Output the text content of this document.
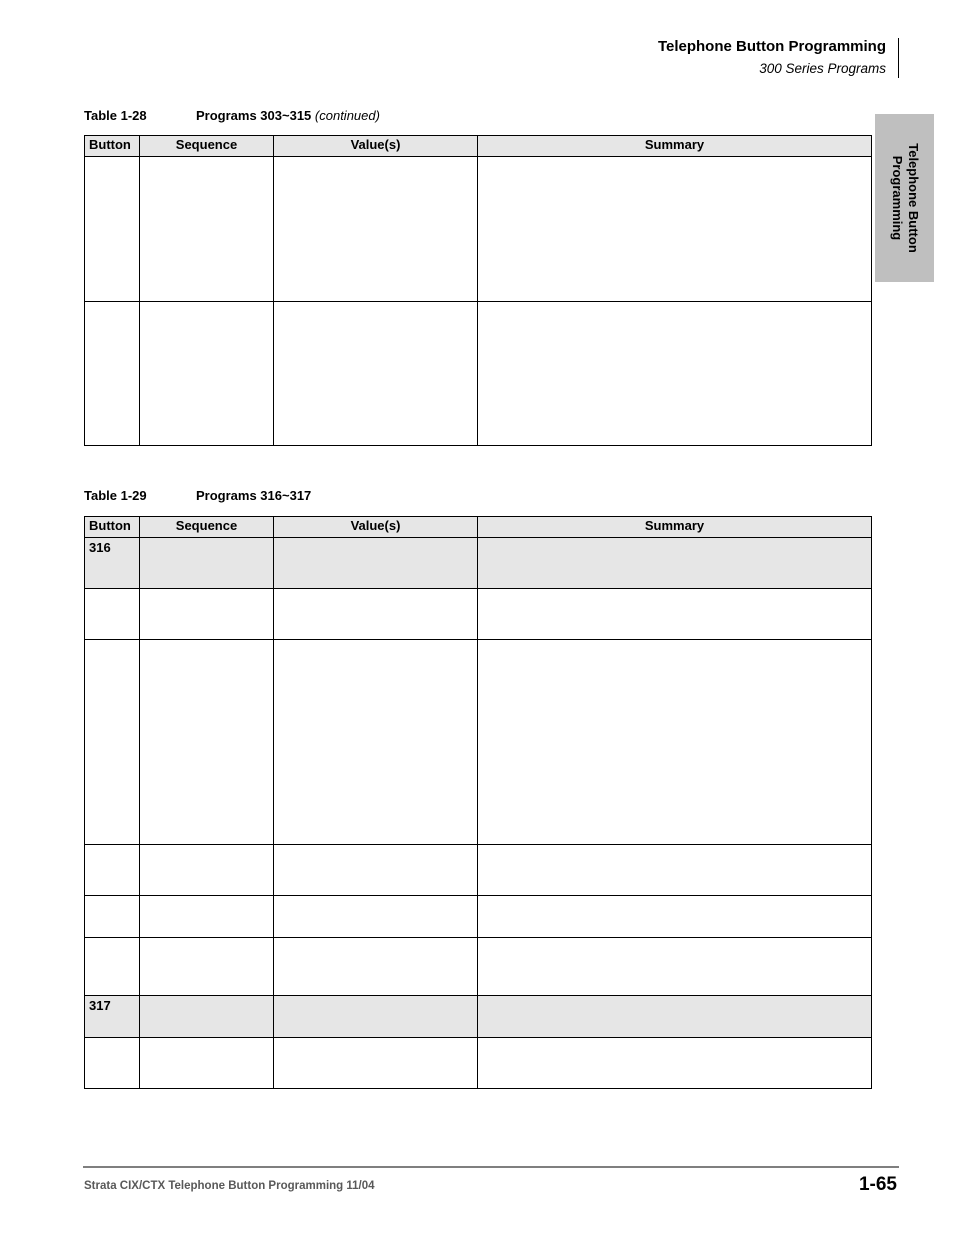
Telephone Button Programming
300 Series Programs
Telephone Button
Programming
Table 1-28	Programs 303~315 (continued)
Button	Sequence	Value(s)	Summary

Table 1-29	Programs 316~317
Button	Sequence	Value(s)	Summary
316			

317			

Strata CIX/CTX Telephone Button Programming 11/04	1-65
